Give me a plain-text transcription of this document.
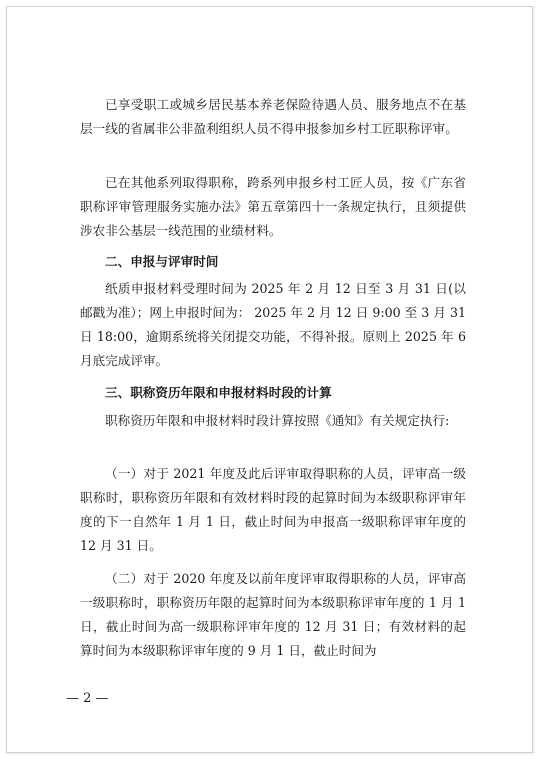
已享受职工或城乡居民基本养老保险待遇人员、服务地点不在基层一线的省属非公非盈利组织人员不得申报参加乡村工匠职称评审。

已在其他系列取得职称，跨系列申报乡村工匠人员，按《广东省职称评审管理服务实施办法》第五章第四十一条规定执行，且须提供涉农非公基层一线范围的业绩材料。

二、申报与评审时间

纸质申报材料受理时间为 2025 年 2 月 12 日至 3 月 31 日(以邮戳为准）；网上申报时间为： 2025 年 2 月 12 日 9:00 至 3 月 31 日 18:00，逾期系统将关闭提交功能，不得补报。原则上 2025 年 6 月底完成评审。

三、职称资历年限和申报材料时段的计算

职称资历年限和申报材料时段计算按照《通知》有关规定执行:

（一）对于 2021 年度及此后评审取得职称的人员，评审高一级职称时，职称资历年限和有效材料时段的起算时间为本级职称评审年度的下一自然年 1 月 1 日，截止时间为申报高一级职称评审年度的 12 月 31 日。

（二）对于 2020 年度及以前年度评审取得职称的人员，评审高一级职称时，职称资历年限的起算时间为本级职称评审年度的 1 月 1 日，截止时间为高一级职称评审年度的 12 月 31 日；有效材料的起算时间为本级职称评审年度的 9 月 1 日，截止时间为

— 2 —
